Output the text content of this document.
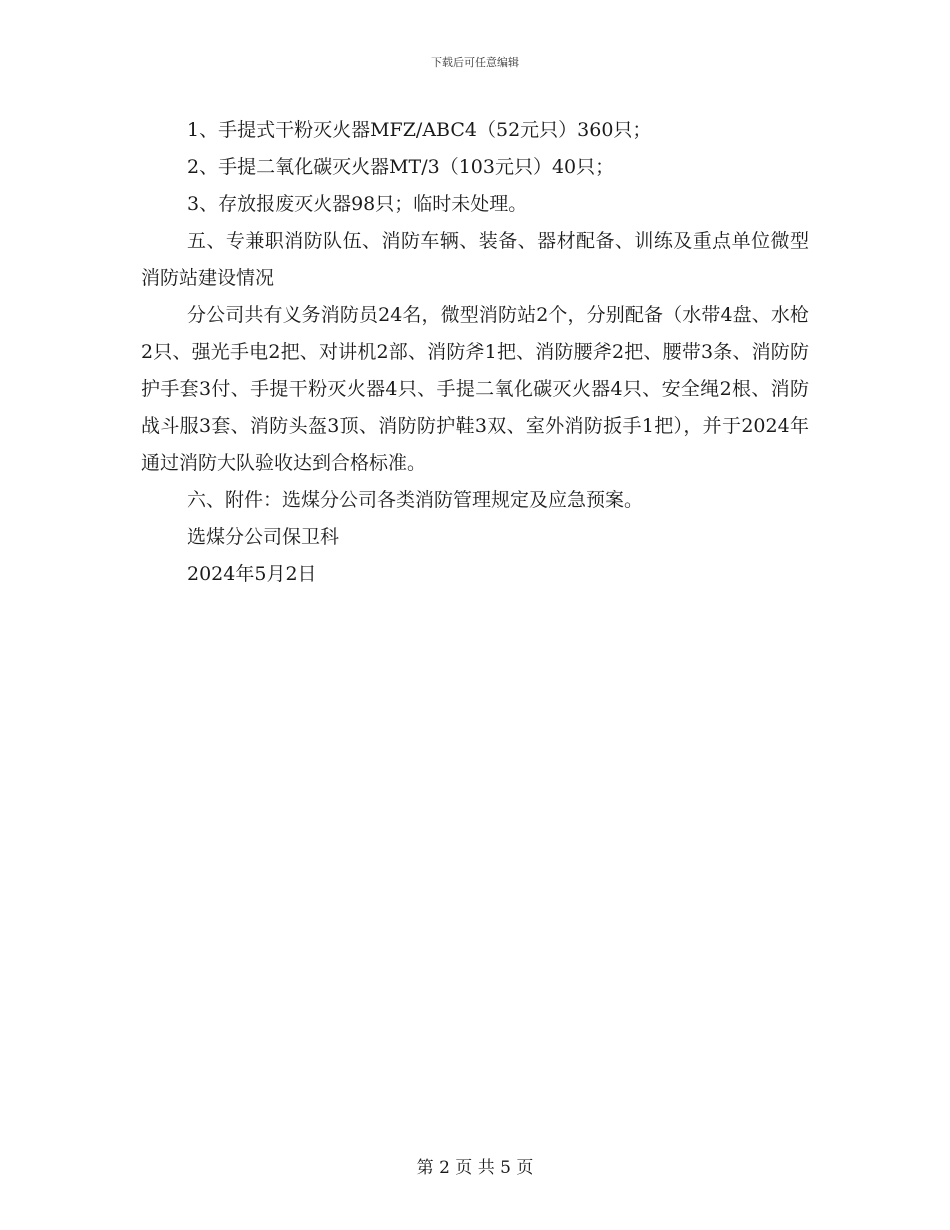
下载后可任意编辑

1、手提式干粉灭火器MFZ/ABC4（52元只）360只；

2、手提二氧化碳灭火器MT/3（103元只）40只；

3、存放报废灭火器98只；临时未处理。

五、专兼职消防队伍、消防车辆、装备、器材配备、训练及重点单位微型消防站建设情况

分公司共有义务消防员24名，微型消防站2个，分别配备（水带4盘、水枪2只、强光手电2把、对讲机2部、消防斧1把、消防腰斧2把、腰带3条、消防防护手套3付、手提干粉灭火器4只、手提二氧化碳灭火器4只、安全绳2根、消防战斗服3套、消防头盔3顶、消防防护鞋3双、室外消防扳手1把），并于2024年通过消防大队验收达到合格标准。

六、附件：选煤分公司各类消防管理规定及应急预案。

选煤分公司保卫科

2024年5月2日

第 2 页 共 5 页
